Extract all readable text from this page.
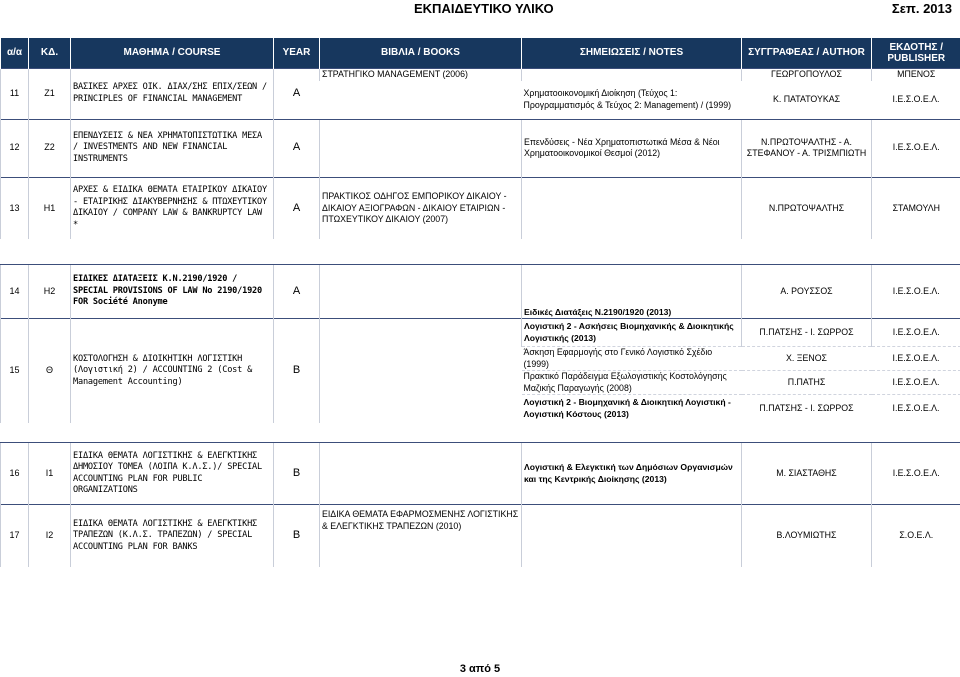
ΕΚΠΑΙΔΕΥΤΙΚΟ ΥΛΙΚΟ	Σεπ. 2013
α/α	ΚΔ.	ΜΑΘΗΜΑ / COURSE	YEAR	ΒΙΒΛΙΑ / BOOKS	ΣΗΜΕΙΩΣΕΙΣ / NOTES	ΣΥΓΓΡΑΦΕΑΣ / AUTHOR	ΕΚΔΟΤΗΣ / PUBLISHER
11	Ζ1	ΒΑΣΙΚΕΣ ΑΡΧΕΣ ΟΙΚ. ΔΙΑΧ/ΣΗΣ ΕΠΙΧ/ΣΕΩΝ / PRINCIPLES OF FINANCIAL MANAGEMENT	Α	ΣΤΡΑΤΗΓΙΚΟ MANAGEMENT (2006)		ΓΕΩΡΓΟΠΟΥΛΟΣ	ΜΠΕΝΟΣ
					Χρηματοοικονομική Διοίκηση (Τεύχος 1: Προγραμματισμός & Τεύχος 2: Management) / (1999)	Κ. ΠΑΤΑΤΟΥΚΑΣ	Ι.Ε.Σ.Ο.Ε.Λ.
12	Ζ2	ΕΠΕΝΔΥΣΕΙΣ & ΝΕΑ ΧΡΗΜΑΤΟΠΙΣΤΩΤΙΚΑ ΜΕΣΑ / INVESTMENTS AND NEW FINANCIAL INSTRUMENTS	Α		Επενδύσεις - Νέα Χρηματοπιστωτικά Μέσα & Νέοι Χρηματοοικονομικοί Θεσμοί (2012)	Ν.ΠΡΩΤΟΨΑΛΤΗΣ - Α. ΣΤΕΦΑΝΟΥ - Α. ΤΡΙΣΜΠΙΩΤΗ	Ι.Ε.Σ.Ο.Ε.Λ.
13	Η1	ΑΡΧΕΣ & ΕΙΔΙΚΑ ΘΕΜΑΤΑ ΕΤΑΙΡΙΚΟΥ ΔΙΚΑΙΟΥ - ΕΤΑΙΡΙΚΗΣ ΔΙΑΚΥΒΕΡΝΗΣΗΣ & ΠΤΩΧΕΥΤΙΚΟΥ ΔΙΚΑΙΟΥ / COMPANY LAW & BANKRUPTCY LAW *	Α	ΠΡΑΚΤΙΚΟΣ ΟΔΗΓΟΣ ΕΜΠΟΡΙΚΟΥ ΔΙΚΑΙΟΥ - ΔΙΚΑΙΟΥ ΑΞΙΟΓΡΑΦΩΝ - ΔΙΚΑΙΟΥ ΕΤΑΙΡΙΩΝ - ΠΤΩΧΕΥΤΙΚΟΥ ΔΙΚΑΙΟΥ (2007)		Ν.ΠΡΩΤΟΨΑΛΤΗΣ	ΣΤΑΜΟΥΛΗ
14	Η2	ΕΙΔΙΚΕΣ ΔΙΑΤΑΞΕΙΣ Κ.Ν.2190/1920 / SPECIAL PROVISIONS OF LAW No 2190/1920 FOR Société Anonyme	Α		Ειδικές Διατάξεις Ν.2190/1920 (2013)	Α. ΡΟΥΣΣΟΣ	Ι.Ε.Σ.Ο.Ε.Λ.
15	Θ	ΚΟΣΤΟΛΟΓΗΣΗ & ΔΙΟΙΚΗΤΙΚΗ ΛΟΓΙΣΤΙΚΗ (Λογιστική 2) / ACCOUNTING 2 (Cost & Management Accounting)	Β		Λογιστική 2 - Ασκήσεις Βιομηχανικής & Διοικητικής Λογιστικής (2013)	Π.ΠΑΤΣΗΣ - Ι. ΣΩΡΡΟΣ	Ι.Ε.Σ.Ο.Ε.Λ.
					Άσκηση Εφαρμογής στο Γενικό Λογιστικό Σχέδιο (1999)	Χ. ΞΕΝΟΣ	Ι.Ε.Σ.Ο.Ε.Λ.
					Πρακτικό Παράδειγμα Εξωλογιστικής Κοστολόγησης Μαζικής Παραγωγής (2008)	Π.ΠΑΤΗΣ	Ι.Ε.Σ.Ο.Ε.Λ.
					Λογιστική 2 - Βιομηχανική & Διοικητική Λογιστική - Λογιστική Κόστους (2013)	Π.ΠΑΤΣΗΣ - Ι. ΣΩΡΡΟΣ	Ι.Ε.Σ.Ο.Ε.Λ.
16	Ι1	ΕΙΔΙΚΑ ΘΕΜΑΤΑ ΛΟΓΙΣΤΙΚΗΣ & ΕΛΕΓΚΤΙΚΗΣ ΔΗΜΟΣΙΟΥ ΤΟΜΕΑ (ΛΟΙΠΑ Κ.Λ.Σ.)/ SPECIAL ACCOUNTING PLAN FOR PUBLIC ORGANIZATIONS	Β		Λογιστική & Ελεγκτική των Δημόσιων Οργανισμών και της Κεντρικής Διοίκησης (2013)	Μ. ΣΙΑΣΤΑΘΗΣ	Ι.Ε.Σ.Ο.Ε.Λ.
17	Ι2	ΕΙΔΙΚΑ ΘΕΜΑΤΑ ΛΟΓΙΣΤΙΚΗΣ & ΕΛΕΓΚΤΙΚΗΣ ΤΡΑΠΕΖΩΝ (Κ.Λ.Σ. ΤΡΑΠΕΖΩΝ) / SPECIAL ACCOUNTING PLAN FOR BANKS	Β	ΕΙΔΙΚΑ ΘΕΜΑΤΑ ΕΦΑΡΜΟΣΜΕΝΗΣ ΛΟΓΙΣΤΙΚΗΣ & ΕΛΕΓΚΤΙΚΗΣ ΤΡΑΠΕΖΩΝ (2010)		Β.ΛΟΥΜΙΩΤΗΣ	Σ.Ο.Ε.Λ.
3 από 5
